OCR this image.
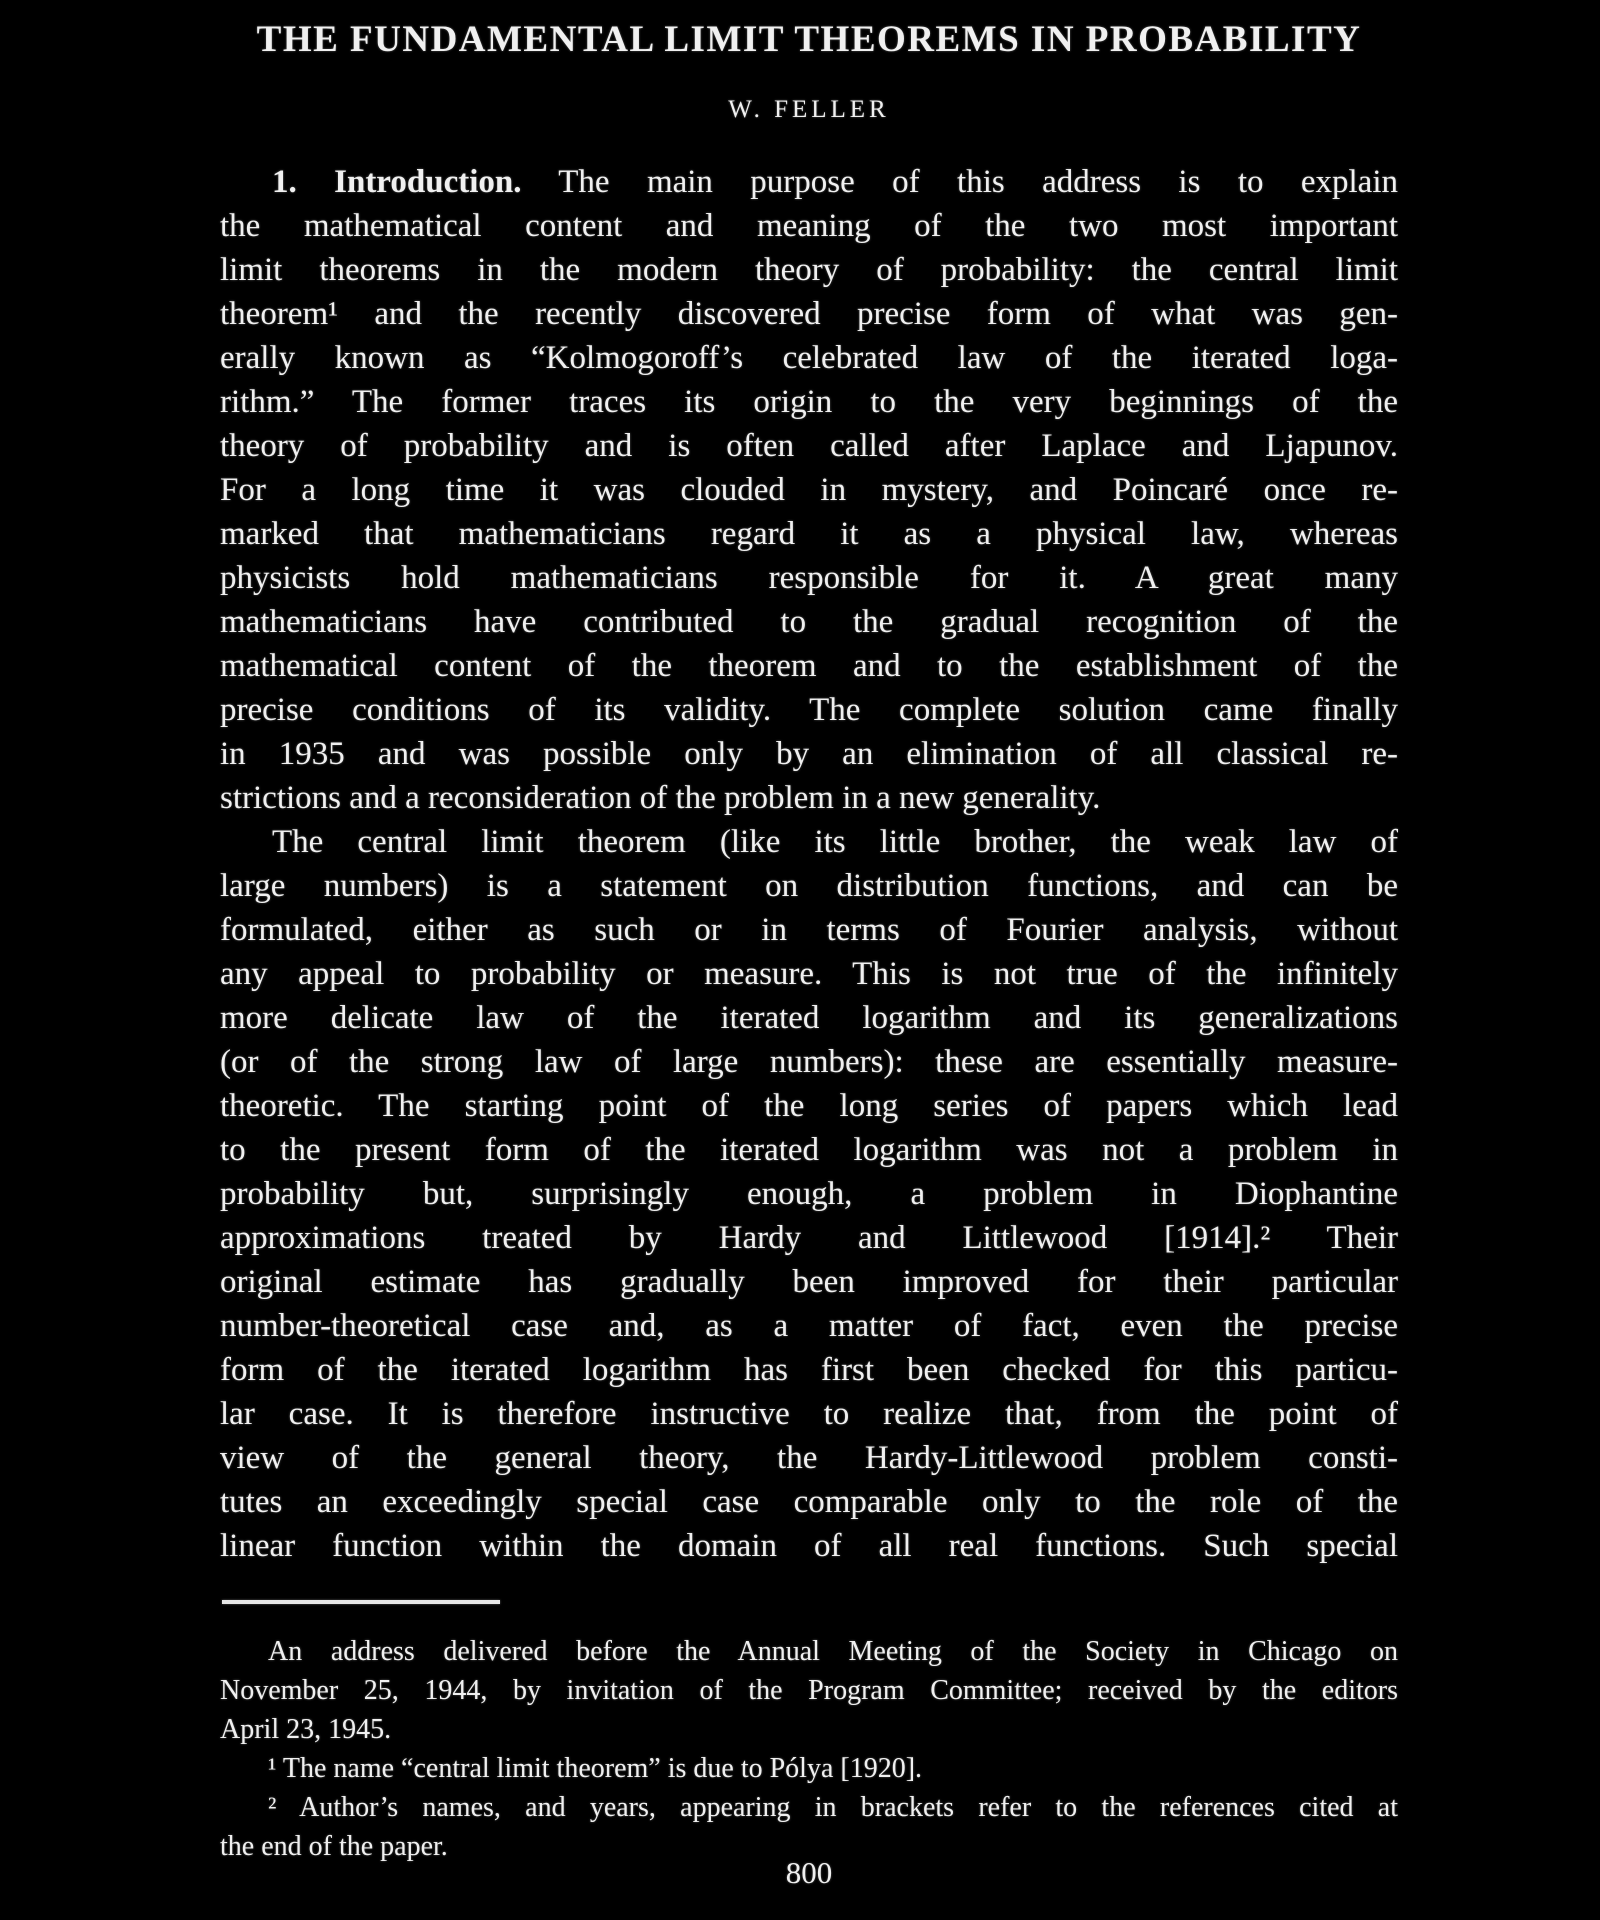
THE FUNDAMENTAL LIMIT THEOREMS IN PROBABILITY
W. FELLER
1. Introduction. The main purpose of this address is to explain
the mathematical content and meaning of the two most important
limit theorems in the modern theory of probability: the central limit
theorem¹ and the recently discovered precise form of what was gen-
erally known as “Kolmogoroff’s celebrated law of the iterated loga-
rithm.” The former traces its origin to the very beginnings of the
theory of probability and is often called after Laplace and Ljapunov.
For a long time it was clouded in mystery, and Poincaré once re-
marked that mathematicians regard it as a physical law, whereas
physicists hold mathematicians responsible for it. A great many
mathematicians have contributed to the gradual recognition of the
mathematical content of the theorem and to the establishment of the
precise conditions of its validity. The complete solution came finally
in 1935 and was possible only by an elimination of all classical re-
strictions and a reconsideration of the problem in a new generality.
The central limit theorem (like its little brother, the weak law of
large numbers) is a statement on distribution functions, and can be
formulated, either as such or in terms of Fourier analysis, without
any appeal to probability or measure. This is not true of the infinitely
more delicate law of the iterated logarithm and its generalizations
(or of the strong law of large numbers): these are essentially measure-
theoretic. The starting point of the long series of papers which lead
to the present form of the iterated logarithm was not a problem in
probability but, surprisingly enough, a problem in Diophantine
approximations treated by Hardy and Littlewood [1914].² Their
original estimate has gradually been improved for their particular
number-theoretical case and, as a matter of fact, even the precise
form of the iterated logarithm has first been checked for this particu-
lar case. It is therefore instructive to realize that, from the point of
view of the general theory, the Hardy-Littlewood problem consti-
tutes an exceedingly special case comparable only to the role of the
linear function within the domain of all real functions. Such special
An address delivered before the Annual Meeting of the Society in Chicago on
November 25, 1944, by invitation of the Program Committee; received by the editors
April 23, 1945.
¹ The name “central limit theorem” is due to Pólya [1920].
² Author’s names, and years, appearing in brackets refer to the references cited at
the end of the paper.
800
